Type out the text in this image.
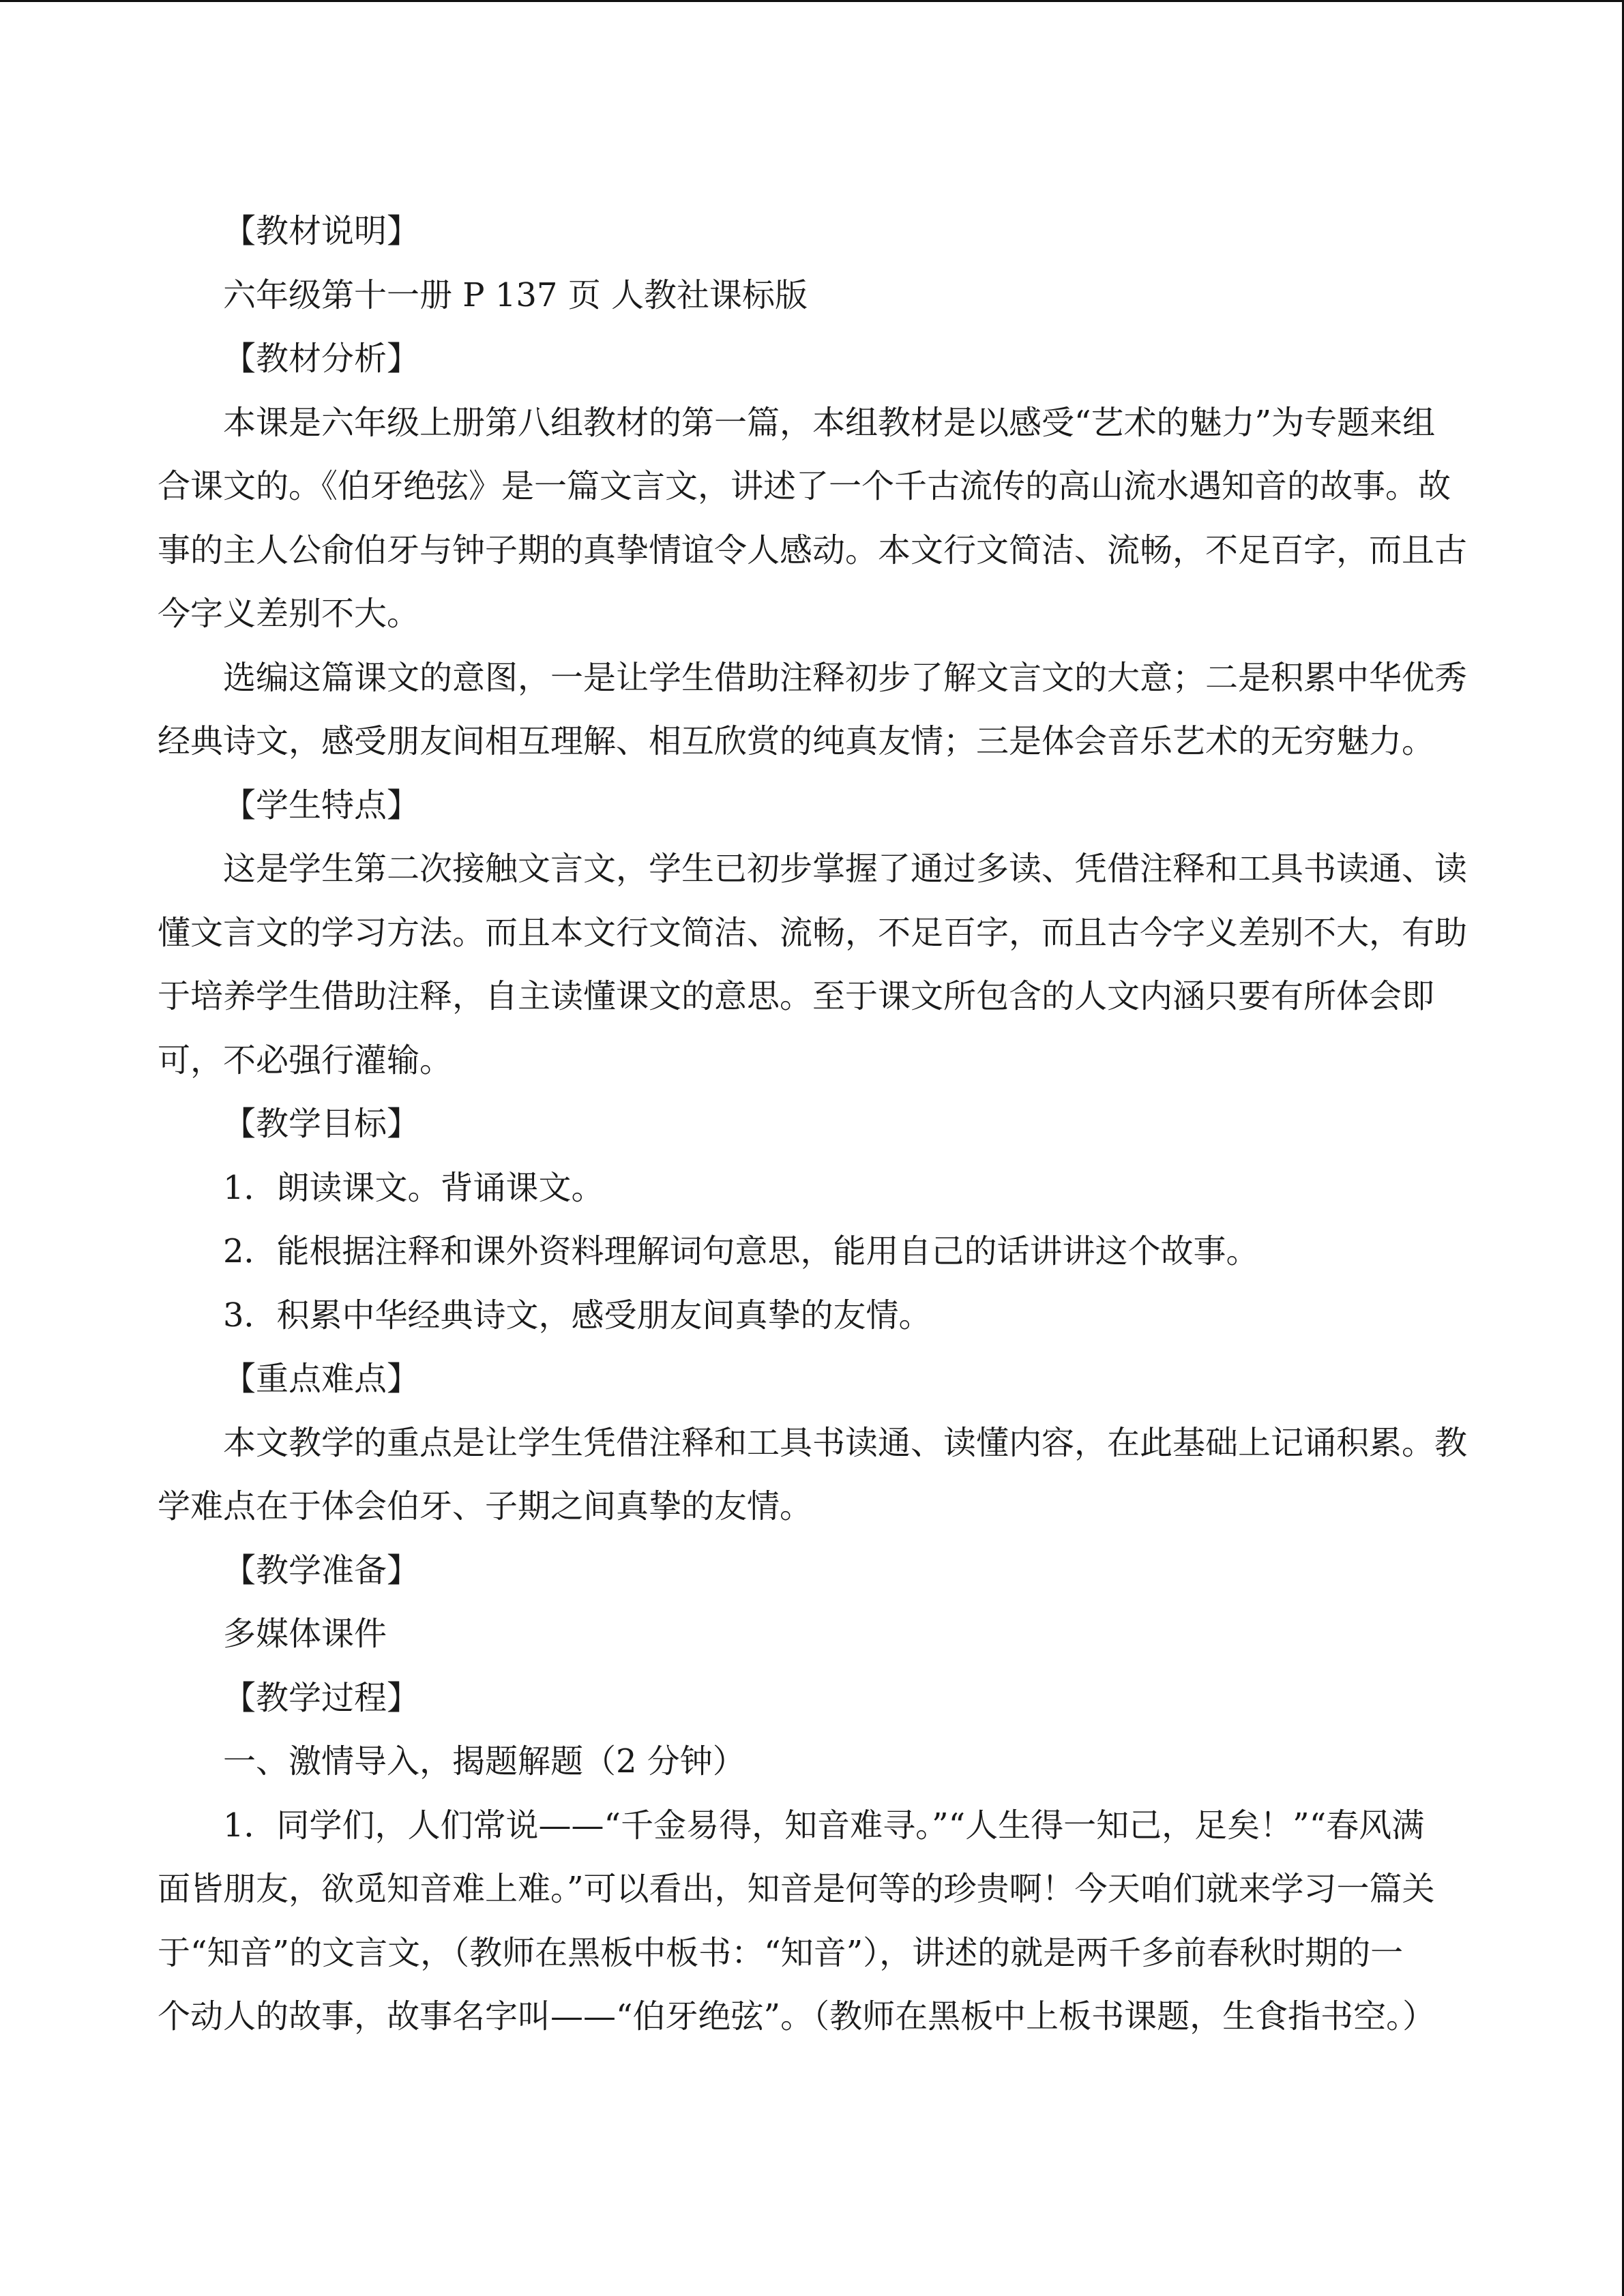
【教材说明】
六年级第十一册 P 137 页 人教社课标版
【教材分析】
本课是六年级上册第八组教材的第一篇，本组教材是以感受“艺术的魅力”为专题来组
合课文的。《伯牙绝弦》是一篇文言文，讲述了一个千古流传的高山流水遇知音的故事。故
事的主人公俞伯牙与钟子期的真挚情谊令人感动。本文行文简洁、流畅，不足百字，而且古
今字义差别不大。
选编这篇课文的意图，一是让学生借助注释初步了解文言文的大意；二是积累中华优秀
经典诗文，感受朋友间相互理解、相互欣赏的纯真友情；三是体会音乐艺术的无穷魅力。
【学生特点】
这是学生第二次接触文言文，学生已初步掌握了通过多读、凭借注释和工具书读通、读
懂文言文的学习方法。而且本文行文简洁、流畅，不足百字，而且古今字义差别不大，有助
于培养学生借助注释，自主读懂课文的意思。至于课文所包含的人文内涵只要有所体会即
可，不必强行灌输。
【教学目标】
1．朗读课文。背诵课文。
2．能根据注释和课外资料理解词句意思，能用自己的话讲讲这个故事。
3．积累中华经典诗文，感受朋友间真挚的友情。
【重点难点】
本文教学的重点是让学生凭借注释和工具书读通、读懂内容，在此基础上记诵积累。教
学难点在于体会伯牙、子期之间真挚的友情。
【教学准备】
多媒体课件
【教学过程】
一、激情导入，揭题解题（2 分钟）
1．同学们，人们常说——“千金易得，知音难寻。”“人生得一知己，足矣！”“春风满
面皆朋友，欲觅知音难上难。”可以看出，知音是何等的珍贵啊！今天咱们就来学习一篇关
于“知音”的文言文，（教师在黑板中板书：“知音”），讲述的就是两千多前春秋时期的一
个动人的故事，故事名字叫——“伯牙绝弦”。（教师在黑板中上板书课题，生食指书空。）
